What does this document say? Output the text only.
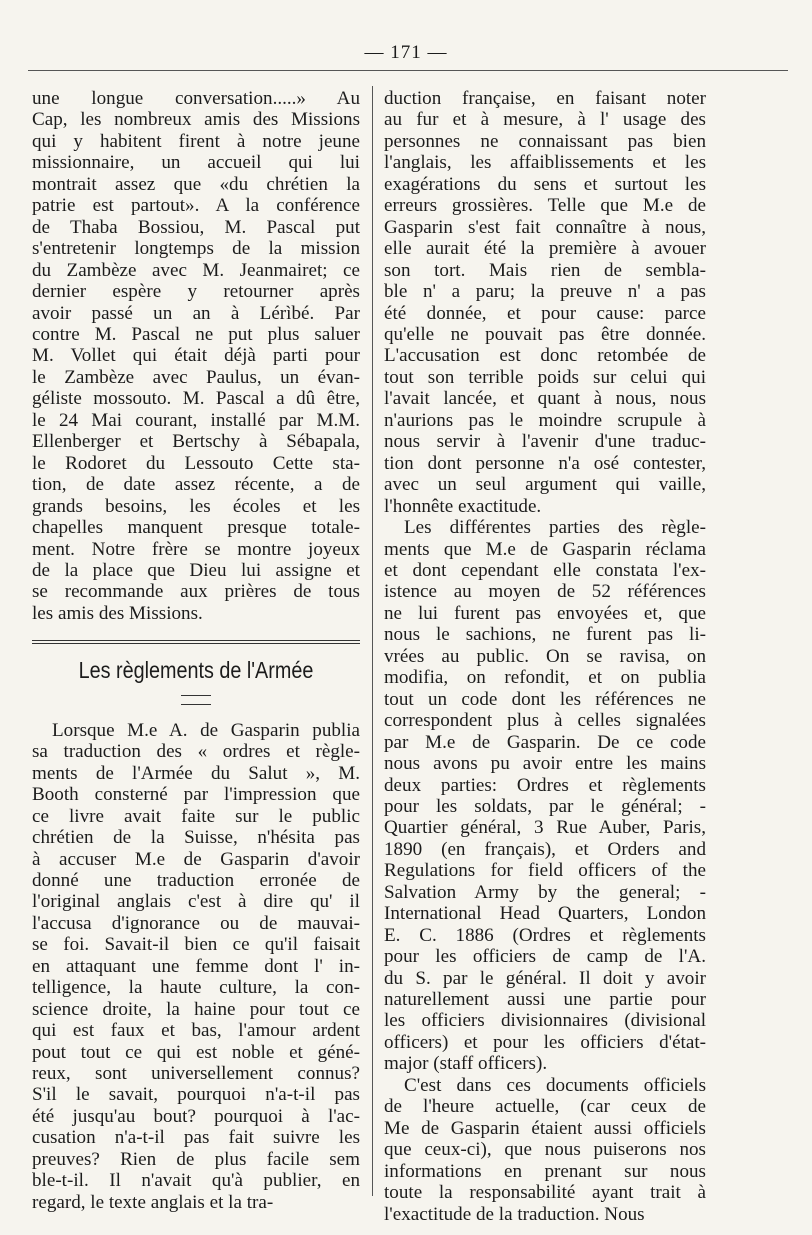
— 171 —

une longue conversation.....» Au
Cap, les nombreux amis des Missions
qui y habitent firent à notre jeune
missionnaire, un accueil qui lui
montrait assez que «du chrétien la
patrie est partout». A la conférence
de Thaba Bossiou, M. Pascal put
s'entretenir longtemps de la mission
du Zambèze avec M. Jeanmairet; ce
dernier espère y retourner après
avoir passé un an à Lérìbé. Par
contre M. Pascal ne put plus saluer
M. Vollet qui était déjà parti pour
le Zambèze avec Paulus, un évan-
géliste mossouto. M. Pascal a dû être,
le 24 Mai courant, installé par M.M.
Ellenberger et Bertschy à Sébapala,
le Rodoret du Lessouto Cette sta-
tion, de date assez récente, a de
grands besoins, les écoles et les
chapelles manquent presque totale-
ment. Notre frère se montre joyeux
de la place que Dieu lui assigne et
se recommande aux prières de tous
les amis des Missions.

Les règlements de l'Armée

Lorsque M.e A. de Gasparin publia
sa traduction des « ordres et règle-
ments de l'Armée du Salut », M.
Booth consterné par l'impression que
ce livre avait faite sur le public
chrétien de la Suisse, n'hésita pas
à accuser M.e de Gasparin d'avoir
donné une traduction erronée de
l'original anglais c'est à dire qu' il
l'accusa d'ignorance ou de mauvai-
se foi. Savait-il bien ce qu'il faisait
en attaquant une femme dont l' in-
telligence, la haute culture, la con-
science droite, la haine pour tout ce
qui est faux et bas, l'amour ardent
pout tout ce qui est noble et géné-
reux, sont universellement connus?
S'il le savait, pourquoi n'a-t-il pas
été jusqu'au bout? pourquoi à l'ac-
cusation n'a-t-il pas fait suivre les
preuves? Rien de plus facile sem
ble-t-il. Il n'avait qu'à publier, en
regard, le texte anglais et la tra-

duction française, en faisant noter
au fur et à mesure, à l' usage des
personnes ne connaissant pas bien
l'anglais, les affaiblissements et les
exagérations du sens et surtout les
erreurs grossières. Telle que M.e de
Gasparin s'est fait connaître à nous,
elle aurait été la première à avouer
son tort. Mais rien de sembla-
ble n' a paru; la preuve n' a pas
été donnée, et pour cause: parce
qu'elle ne pouvait pas être donnée.
L'accusation est donc retombée de
tout son terrible poids sur celui qui
l'avait lancée, et quant à nous, nous
n'aurions pas le moindre scrupule à
nous servir à l'avenir d'une traduc-
tion dont personne n'a osé contester,
avec un seul argument qui vaille,
l'honnête exactitude.

Les différentes parties des règle-
ments que M.e de Gasparin réclama
et dont cependant elle constata l'ex-
istence au moyen de 52 références
ne lui furent pas envoyées et, que
nous le sachions, ne furent pas li-
vrées au public. On se ravisa, on
modifia, on refondit, et on publia
tout un code dont les références ne
correspondent plus à celles signalées
par M.e de Gasparin. De ce code
nous avons pu avoir entre les mains
deux parties: Ordres et règlements
pour les soldats, par le général; -
Quartier général, 3 Rue Auber, Paris,
1890 (en français), et Orders and
Regulations for field officers of the
Salvation Army by the general; -
International Head Quarters, London
E. C. 1886 (Ordres et règlements
pour les officiers de camp de l'A.
du S. par le général. Il doit y avoir
naturellement aussi une partie pour
les officiers divisionnaires (divisional
officers) et pour les officiers d'état-
major (staff officers).

C'est dans ces documents officiels
de l'heure actuelle, (car ceux de
Me de Gasparin étaient aussi officiels
que ceux-ci), que nous puiserons nos
informations en prenant sur nous
toute la responsabilité ayant trait à
l'exactitude de la traduction. Nous
